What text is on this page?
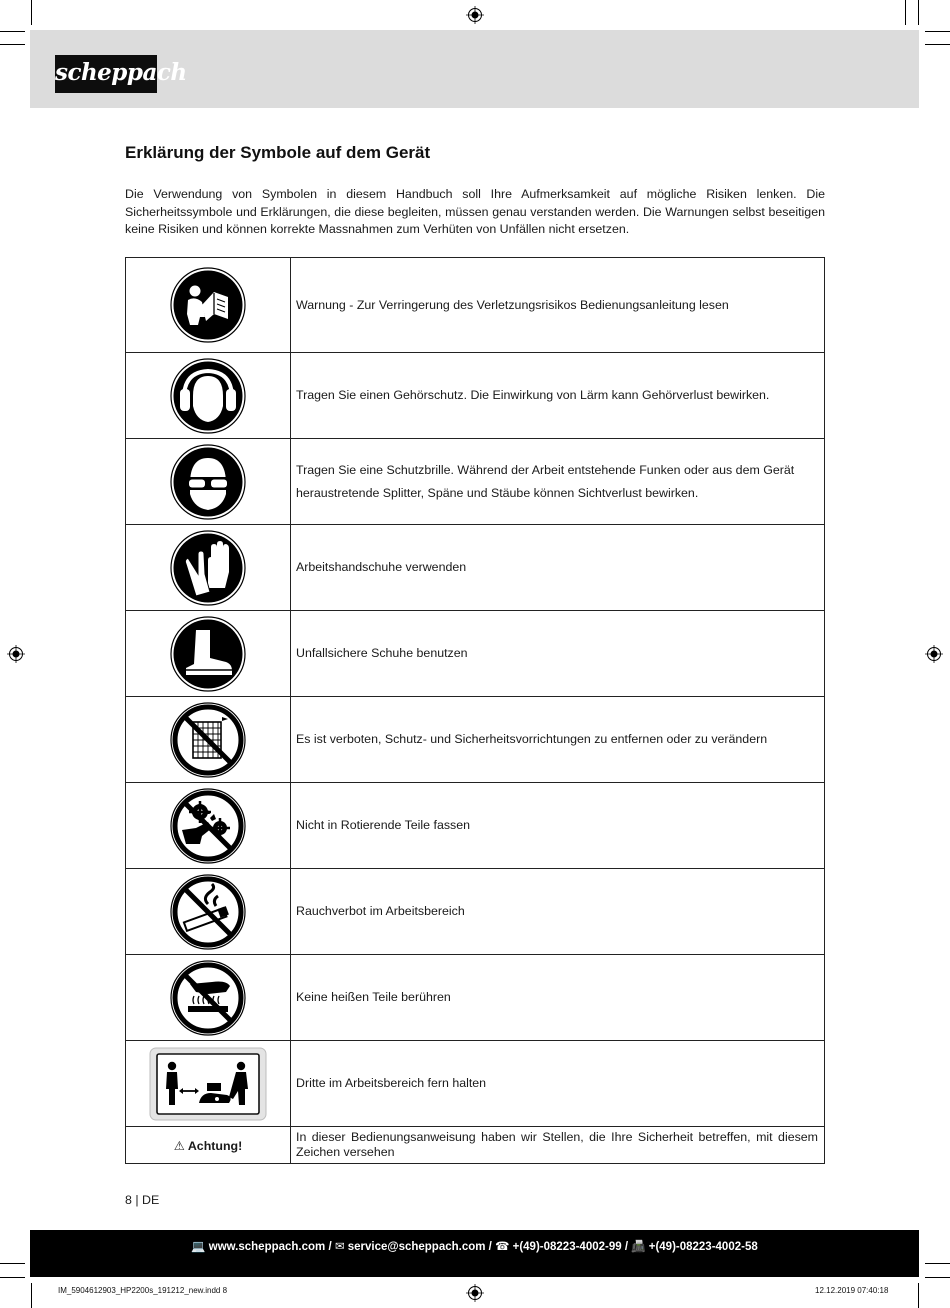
scheppach
Erklärung der Symbole auf dem Gerät

Die Verwendung von Symbolen in diesem Handbuch soll Ihre Aufmerksamkeit auf mögliche Risiken lenken. Die Sicherheitssymbole und Erklärungen, die diese begleiten, müssen genau verstanden werden. Die Warnungen selbst beseitigen keine Risiken und können korrekte Massnahmen zum Verhüten von Unfällen nicht ersetzen.

	Warnung - Zur Verringerung des Verletzungsrisikos Bedienungsanleitung lesen

	Tragen Sie einen Gehörschutz. Die Einwirkung von Lärm kann Gehörverlust bewirken.

	Tragen Sie eine Schutzbrille. Während der Arbeit entstehende Funken oder aus dem Gerät heraustretende Splitter, Späne und Stäube können Sichtverlust bewirken.

	Arbeitshandschuhe verwenden

	Unfallsichere Schuhe benutzen

	Es ist verboten, Schutz- und Sicherheitsvorrichtungen zu entfernen oder zu verändern

	Nicht in Rotierende Teile fassen

	Rauchverbot im Arbeitsbereich

	Keine heißen Teile berühren

	Dritte im Arbeitsbereich fern halten
⚠ Achtung!	In dieser Bedienungsanweisung haben wir Stellen, die Ihre Sicherheit betreffen, mit diesem Zeichen versehen
8 | DE
💻 www.scheppach.com / ✉ service@scheppach.com / ☎ +(49)-08223-4002-99 / 📠 +(49)-08223-4002-58
IM_5904612903_HP2200s_191212_new.indd 8	12.12.2019 07:40:18
